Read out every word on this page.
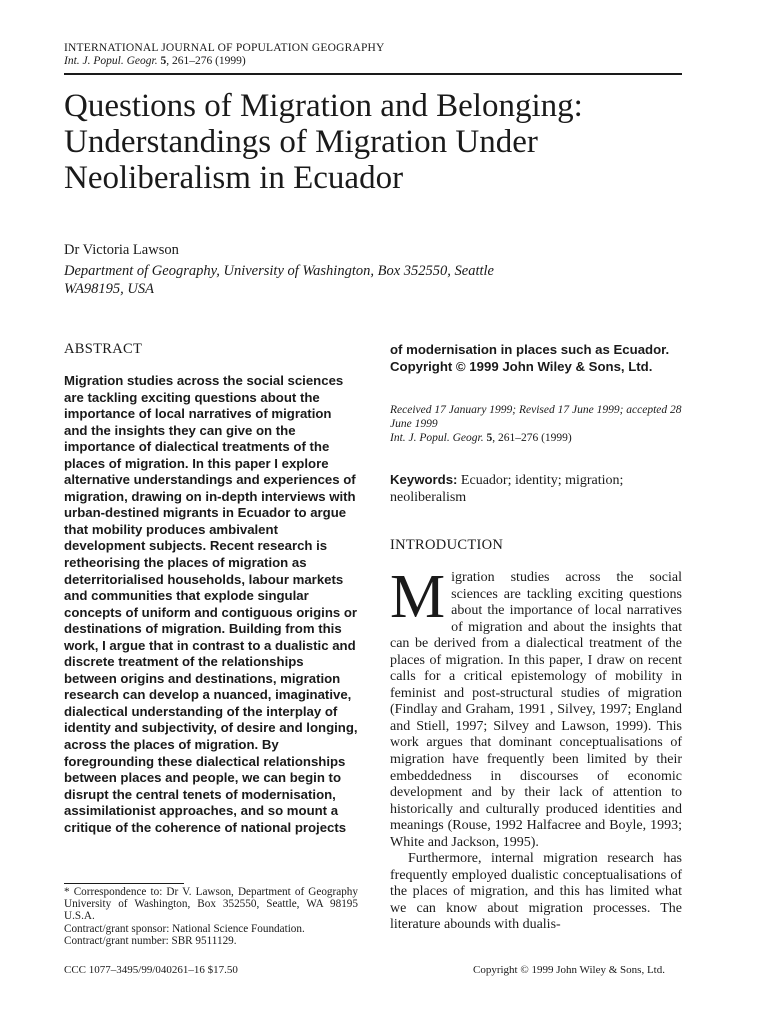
INTERNATIONAL JOURNAL OF POPULATION GEOGRAPHY
Int. J. Popul. Geogr. 5, 261–276 (1999)
Questions of Migration and Belonging: Understandings of Migration Under Neoliberalism in Ecuador
Dr Victoria Lawson
Department of Geography, University of Washington, Box 352550, Seattle WA98195, USA
ABSTRACT
Migration studies across the social sciences are tackling exciting questions about the importance of local narratives of migration and the insights they can give on the importance of dialectical treatments of the places of migration. In this paper I explore alternative understandings and experiences of migration, drawing on in-depth interviews with urban-destined migrants in Ecuador to argue that mobility produces ambivalent development subjects. Recent research is retheorising the places of migration as deterritorialised households, labour markets and communities that explode singular concepts of uniform and contiguous origins or destinations of migration. Building from this work, I argue that in contrast to a dualistic and discrete treatment of the relationships between origins and destinations, migration research can develop a nuanced, imaginative, dialectical understanding of the interplay of identity and subjectivity, of desire and longing, across the places of migration. By foregrounding these dialectical relationships between places and people, we can begin to disrupt the central tenets of modernisation, assimilationist approaches, and so mount a critique of the coherence of national projects
of modernisation in places such as Ecuador. Copyright © 1999 John Wiley & Sons, Ltd.
Received 17 January 1999; Revised 17 June 1999; accepted 28 June 1999
Int. J. Popul. Geogr. 5, 261–276 (1999)
Keywords: Ecuador; identity; migration; neoliberalism
INTRODUCTION
M igration studies across the social sciences are tackling exciting questions about the importance of local narratives of migration and about the insights that can be derived from a dialectical treatment of the places of migration. In this paper, I draw on recent calls for a critical epistemology of mobility in feminist and post-structural studies of migration (Findlay and Graham, 1991 , Silvey, 1997; England and Stiell, 1997; Silvey and Lawson, 1999). This work argues that dominant conceptualisations of migration have frequently been limited by their embeddedness in discourses of economic development and by their lack of attention to historically and culturally produced identities and meanings (Rouse, 1992 Halfacree and Boyle, 1993; White and Jackson, 1995).

Furthermore, internal migration research has frequently employed dualistic conceptualisations of the places of migration, and this has limited what we can know about migration processes. The literature abounds with dualis-

* Correspondence to: Dr V. Lawson, Department of Geography University of Washington, Box 352550, Seattle, WA 98195 U.S.A.
Contract/grant sponsor: National Science Foundation.
Contract/grant number: SBR 9511129.
CCC 1077–3495/99/040261–16 $17.50	Copyright © 1999 John Wiley & Sons, Ltd.
